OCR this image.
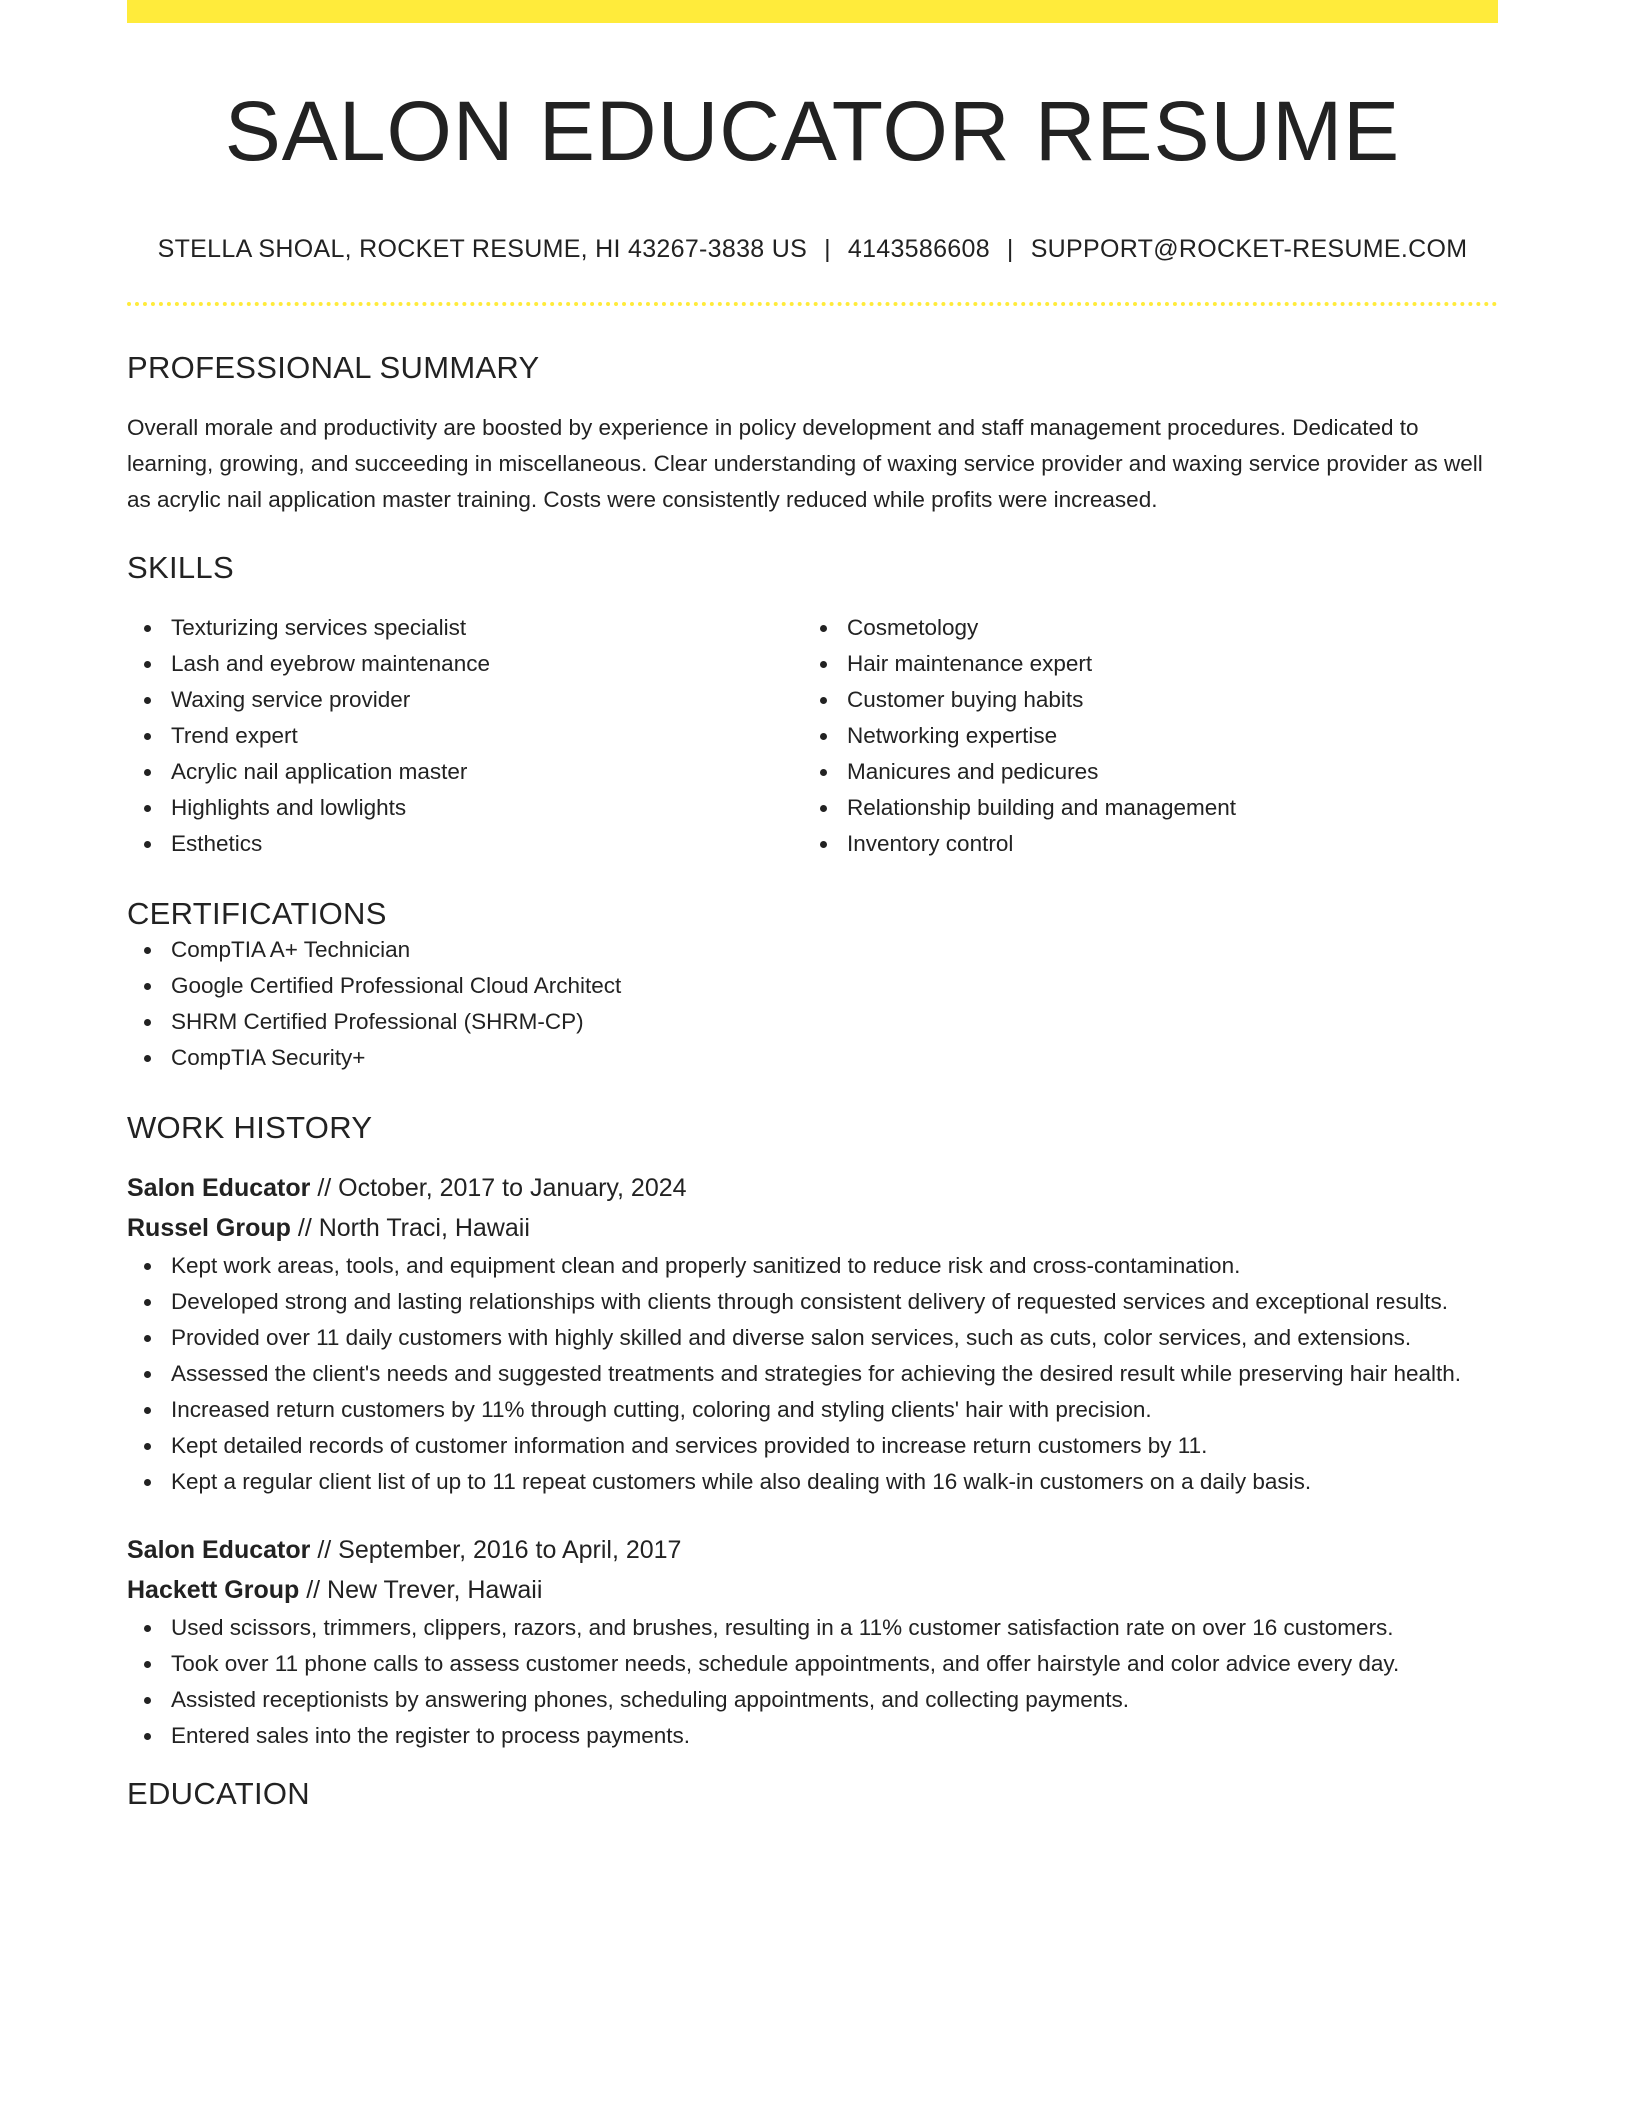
SALON EDUCATOR RESUME
STELLA SHOAL, ROCKET RESUME, HI 43267-3838 US | 4143586608 | SUPPORT@ROCKET-RESUME.COM
PROFESSIONAL SUMMARY
Overall morale and productivity are boosted by experience in policy development and staff management procedures. Dedicated to learning, growing, and succeeding in miscellaneous. Clear understanding of waxing service provider and waxing service provider as well as acrylic nail application master training. Costs were consistently reduced while profits were increased.
SKILLS
Texturizing services specialist
Lash and eyebrow maintenance
Waxing service provider
Trend expert
Acrylic nail application master
Highlights and lowlights
Esthetics
Cosmetology
Hair maintenance expert
Customer buying habits
Networking expertise
Manicures and pedicures
Relationship building and management
Inventory control
CERTIFICATIONS
CompTIA A+ Technician
Google Certified Professional Cloud Architect
SHRM Certified Professional (SHRM-CP)
CompTIA Security+
WORK HISTORY
Salon Educator // October, 2017 to January, 2024
Russel Group // North Traci, Hawaii
Kept work areas, tools, and equipment clean and properly sanitized to reduce risk and cross-contamination.
Developed strong and lasting relationships with clients through consistent delivery of requested services and exceptional results.
Provided over 11 daily customers with highly skilled and diverse salon services, such as cuts, color services, and extensions.
Assessed the client's needs and suggested treatments and strategies for achieving the desired result while preserving hair health.
Increased return customers by 11% through cutting, coloring and styling clients' hair with precision.
Kept detailed records of customer information and services provided to increase return customers by 11.
Kept a regular client list of up to 11 repeat customers while also dealing with 16 walk-in customers on a daily basis.
Salon Educator // September, 2016 to April, 2017
Hackett Group // New Trever, Hawaii
Used scissors, trimmers, clippers, razors, and brushes, resulting in a 11% customer satisfaction rate on over 16 customers.
Took over 11 phone calls to assess customer needs, schedule appointments, and offer hairstyle and color advice every day.
Assisted receptionists by answering phones, scheduling appointments, and collecting payments.
Entered sales into the register to process payments.
EDUCATION
